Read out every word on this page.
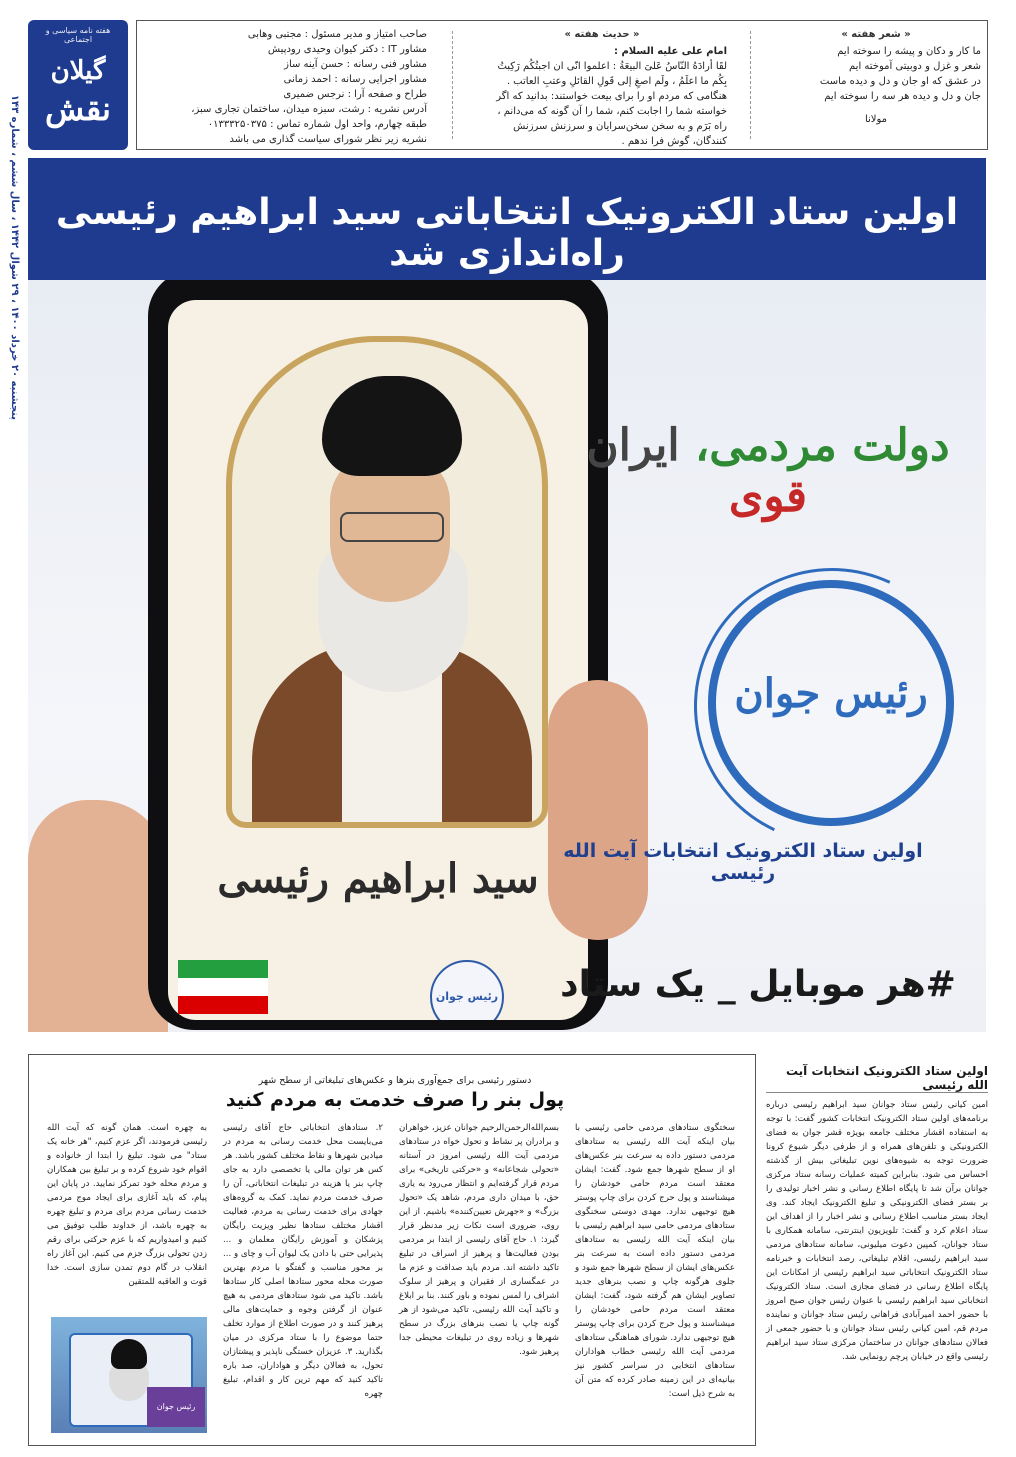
پنجشنبه ۲۰ خرداد ۱۴۰۰ ، ۲۹ شوال ۱۴۴۲ ، سال ششم ، شماره ۱۴۳
هفته نامه سیاسی و اجتماعی
گیلان
نقش
« شعر هفته »
ما کار و دکان و پیشه را سوخته ایم
شعر و غزل و دوبیتی آموخته ایم
در عشق که او جان و دل و دیده ماست
جان و دل و دیده هر سه را سوخته ایم
مولانا
« حدیث هفته »
امام علی علیه السلام :
لقَا أرادَهُ النّاسُ عَلیَ البیعَةُ : اعلموا انّی ان اجبتُکُم رَکِبتُ
بِکُم ما اعلَمُ ، ولَم اصغِ إلی قَولِ القائلِ وعتبِ العاتب .
هنگامی که مردم او را برای بیعت خواستند: بدانید که اگر
خواسته شما را اجابت کنم، شما را آن گونه که می‌دانم ،
راه بَرَم و به سخن سخن‌سرایان و سرزنش سرزنش
کنندگان، گوش فرا ندهم .
صاحب امتیاز و مدیر مسئول : مجتبی وهابی
مشاور IT : دکتر کیوان وحیدی رودپیش
مشاور فنی رسانه : حسن آینه ساز
مشاور اجرایی رسانه : احمد زمانی
طراح و صفحه آرا : نرجس ضمیری
آدرس نشریه : رشت، سبزه میدان، ساختمان تجاری سبز،
طبقه چهارم، واحد اول شماره تماس : ۰۱۳۳۳۲۵۰۳۷۵
نشریه زیر نظر شورای سیاست گذاری می باشد
اولین ستاد الکترونیک انتخاباتی سید ابراهیم رئیسی راه‌اندازی شد
سید ابراهیم رئیسی
رئیس جوان
دولت مردمی، ایران قوی
رئیس جوان
اولین ستاد الکترونیک انتخابات آیت الله رئیسی
#هر موبایل _ یک ستاد
اولین ستاد الکترونیک انتخابات آیت الله رئیسی
امین کیانی رئیس ستاد جوانان سید ابراهیم رئیسی درباره برنامه‌های اولین ستاد الکترونیک انتخابات کشور گفت: با توجه به استفاده اقشار مختلف جامعه بویژه قشر جوان به فضای الکترونیکی و تلفن‌های همراه و از طرفی دیگر شیوع کرونا ضرورت توجه به شیوه‌های نوین تبلیغاتی بیش از گذشته احساس می شود. بنابراین کمیته عملیات رسانه ستاد مرکزی جوانان برآن شد تا پایگاه اطلاع رسانی و نشر اخبار تولیدی را بر بستر فضای الکترونیکی و تبلیغ الکترونیک ایجاد کند. وی ایجاد بستر مناسب اطلاع رسانی و نشر اخبار را از اهداف این ستاد اعلام کرد و گفت: تلویزیون اینترنتی، سامانه همکاری با ستاد جوانان، کمپین دعوت میلیونی، سامانه ستادهای مردمی سید ابراهیم رئیسی، اقلام تبلیغاتی، رصد انتخابات و خبرنامه ستاد الکترونیک انتخاباتی سید ابراهیم رئیسی از امکانات این پایگاه اطلاع رسانی در فضای مجازی است. ستاد الکترونیک انتخاباتی سید ابراهیم رئیسی با عنوان رئیس جوان صبح امروز با حضور احمد امیرآبادی فراهانی رئیس ستاد جوانان و نماینده مردم قم، امین کیانی رئیس ستاد جوانان و با حضور جمعی از فعالان ستادهای جوانان در ساختمان مرکزی ستاد سید ابراهیم رئیسی واقع در خیابان پرچم رونمایی شد.
دستور رئیسی برای جمع‌آوری بنرها و عکس‌های تبلیغاتی از سطح شهر
پول بنر را صرف خدمت به مردم کنید
سختگوی ستادهای مردمی حامی رئیسی با بیان اینکه آیت الله رئیسی به ستادهای مردمی دستور داده به سرعت بنر عکس‌های او از سطح شهرها جمع شود. گفت: ایشان معتقد است مردم حامی خودشان را میشناسند و پول حرج کردن برای چاپ پوستر هیچ توجیهی ندارد. مهدی دوستی سخنگوی ستادهای مردمی حامی سید ابراهیم رئیسی با بیان اینکه آیت الله رئیسی به ستادهای مردمی دستور داده است به سرعت بنر عکس‌های ایشان از سطح شهرها جمع شود و جلوی هرگونه چاپ و نصب بنرهای جدید تصاویر ایشان هم گرفته شود، گفت: ایشان معتقد است مردم حامی خودشان را میشناسند و پول حرج کردن برای چاپ پوستر هیچ توجیهی ندارد. شورای هماهنگی ستادهای مردمی آیت الله رئیسی خطاب هواداران ستادهای انتخابی در سراسر کشور نیز بیانیه‌ای در این زمینه صادر کرده که متن آن به شرح ذیل است:
بسم‌الله‌الرحمن‌الرحیم جوانان عزیز، خواهران و برادران پر نشاط و تحول خواه در ستادهای مردمی آیت الله رئیسی امروز در آستانه «تحولی شجاعانه» و «حرکتی تاریخی» برای مردم قرار گرفته‌ایم و انتظار می‌رود به یاری حق، با میدان داری مردم، شاهد یک «تحول بزرگ» و «جهرش تعیین‌کننده» باشیم. از این روی، ضروری است نکات زیر مدنظر قرار گیرد: ۱. حاج آقای رئیسی از ابتدا بر مردمی بودن فعالیت‌ها و پرهیز از اسراف در تبلیغ تاکید داشته اند. مردم باید صداقت و عزم ما در عمگساری از فقیران و پرهیز از سلوک اشراف را لمس نموده و باور کنند. بنا بر ابلاغ و تاکید آیت الله رئیسی، تاکید می‌شود از هر گونه چاپ یا نصب بنرهای بزرگ در سطح شهرها و زیاده روی در تبلیغات محیطی جدا پرهیز شود.
۲. ستادهای انتخاباتی حاج آقای رئیسی می‌بایست محل خدمت رسانی به مردم در میادین شهرها و نقاط مختلف کشور باشد. هر کس هر توان مالی یا تخصصی دارد به جای چاپ بنر یا هزینه در تبلیغات انتخاباتی، آن را صرف خدمت مردم نماید. کمک به گروه‌های جهادی برای خدمت رسانی به مردم، فعالیت اقشار مختلف ستادها نظیر ویزیت رایگان پزشکان و آموزش رایگان معلمان و ... پذیرایی حتی با دادن یک لیوان آب و چای و ... بر محور مناسب و گفتگو با مردم بهترین صورت محله محور ستادها اصلی کار ستادها باشد. تاکید می شود ستادهای مردمی به هیچ عنوان از گرفتن وجوه و حمایت‌های مالی پرهیز کنند و در صورت اطلاع از موارد تخلف حتما موضوع را با ستاد مرکزی در میان بگذارید. ۳. عزیزان خستگی ناپذیر و پیشتازان تحول، به فعالان دیگر و هواداران، صد باره تاکید کنید که مهم ترین کار و اقدام، تبلیغ چهره
به چهره است. همان گونه که آیت الله رئیسی فرمودند، اگر عزم کنیم، "هر خانه یک ستاد" می شود. تبلیغ را ابتدا از خانواده و اقوام خود شروع کرده و بر تبلیغ بین همکاران و مردم محله خود تمرکز نمایید. در پایان این پیام، که باید آغازی برای ایجاد موج مردمی خدمت رسانی مردم برای مردم و تبلیغ چهره به چهره باشد، از خداوند طلب توفیق می کنیم و امیدواریم که با عزم حرکتی برای رقم زدن تحولی بزرگ جزم می کنیم. این آغاز راه انقلاب در گام دوم تمدن سازی است. خدا قوت و العاقبه للمتقین
رئیس جوان
